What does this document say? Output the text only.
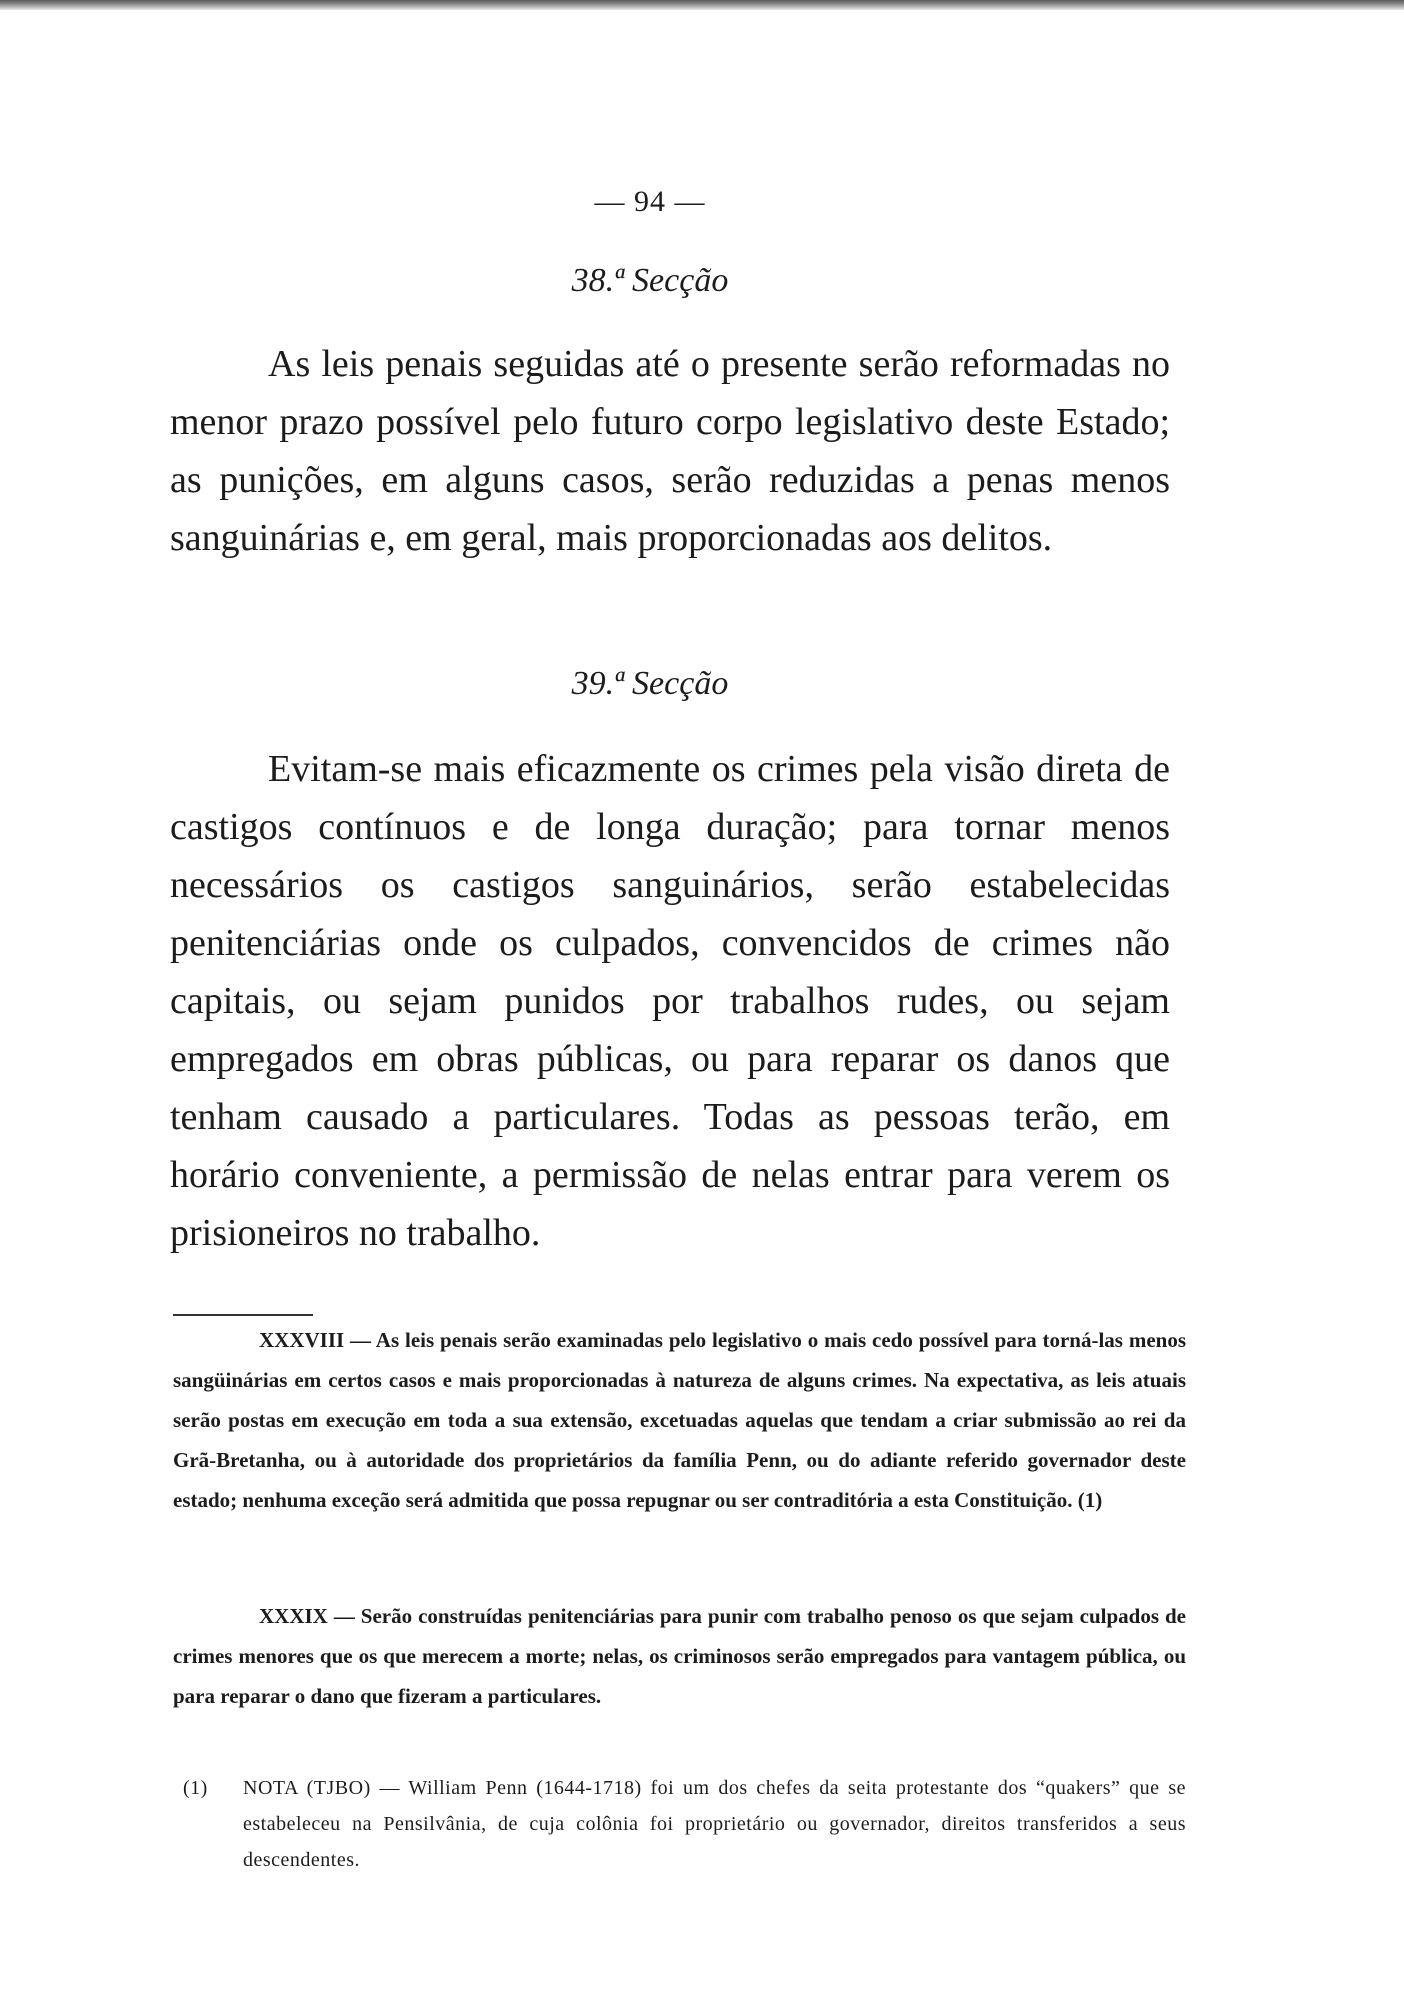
— 94 —
38.ª Secção

As leis penais seguidas até o presente serão reformadas no menor prazo possível pelo futuro corpo legislativo deste Estado; as punições, em alguns casos, serão reduzidas a penas menos sanguinárias e, em geral, mais proporcionadas aos delitos.

39.ª Secção

Evitam-se mais eficazmente os crimes pela visão direta de castigos contínuos e de longa duração; para tornar menos necessários os castigos sanguinários, serão estabelecidas penitenciárias onde os culpados, convencidos de crimes não capitais, ou sejam punidos por trabalhos rudes, ou sejam empregados em obras públicas, ou para reparar os danos que tenham causado a particulares. Todas as pessoas terão, em horário conveniente, a permissão de nelas entrar para verem os prisioneiros no trabalho.

XXXVIII — As leis penais serão examinadas pelo legislativo o mais cedo possível para torná-las menos sangüinárias em certos casos e mais proporcionadas à natureza de alguns crimes. Na expectativa, as leis atuais serão postas em execução em toda a sua extensão, excetuadas aquelas que tendam a criar submissão ao rei da Grã-Bretanha, ou à autoridade dos proprietários da família Penn, ou do adiante referido governador deste estado; nenhuma exceção será admitida que possa repugnar ou ser contraditória a esta Constituição. (1)

XXXIX — Serão construídas penitenciárias para punir com trabalho penoso os que sejam culpados de crimes menores que os que merecem a morte; nelas, os criminosos serão empregados para vantagem pública, ou para reparar o dano que fizeram a particulares.

(1) NOTA (TJBO) — William Penn (1644-1718) foi um dos chefes da seita protestante dos “quakers” que se estabeleceu na Pensilvânia, de cuja colônia foi proprietário ou governador, direitos transferidos a seus descendentes.
